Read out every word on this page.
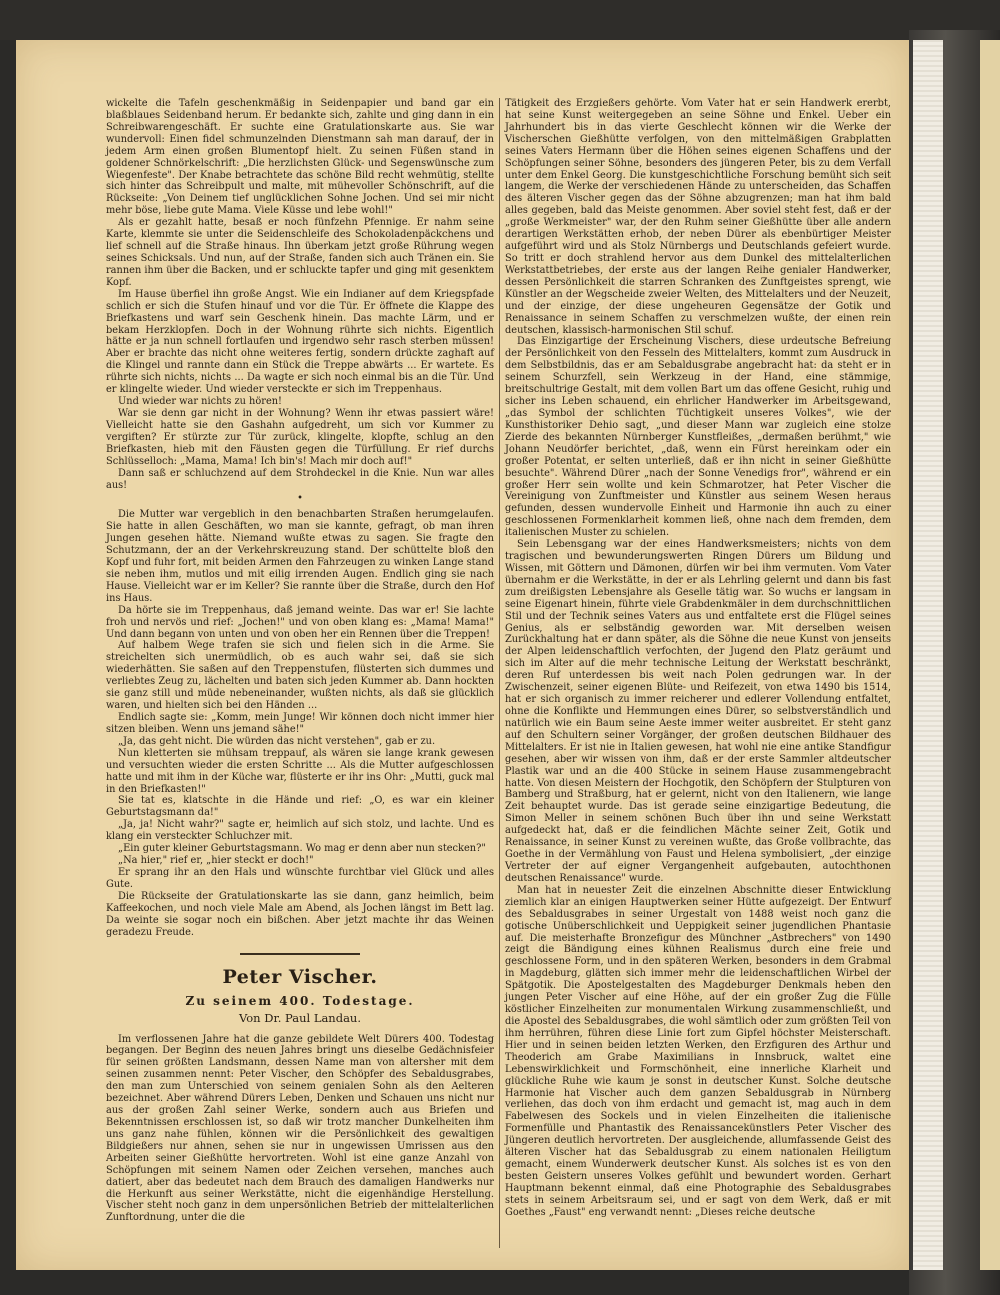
wickelte die Tafeln geschenkmäßig in Seidenpapier und band gar ein blaßblaues Seidenband herum. Er bedankte sich, zahlte und ging dann in ein Schreibwarengeschäft. Er suchte eine Gratulationskarte aus. Sie war wundervoll: Einen fidel schmunzelnden Dienstmann sah man darauf, der in jedem Arm einen großen Blumentopf hielt. Zu seinen Füßen stand in goldener Schnörkelschrift: „Die herzlichsten Glück- und Segenswünsche zum Wiegenfeste". Der Knabe betrachtete das schöne Bild recht wehmütig, stellte sich hinter das Schreibpult und malte, mit mühevoller Schönschrift, auf die Rückseite: „Von Deinem tief unglücklichen Sohne Jochen. Und sei mir nicht mehr böse, liebe gute Mama. Viele Küsse und lebe wohl!"

Als er gezahlt hatte, besaß er noch fünfzehn Pfennige. Er nahm seine Karte, klemmte sie unter die Seidenschleife des Schokoladenpäckchens und lief schnell auf die Straße hinaus. Ihn überkam jetzt große Rührung wegen seines Schicksals. Und nun, auf der Straße, fanden sich auch Tränen ein. Sie rannen ihm über die Backen, und er schluckte tapfer und ging mit gesenktem Kopf.

Im Hause überfiel ihn große Angst. Wie ein Indianer auf dem Kriegspfade schlich er sich die Stufen hinauf und vor die Tür. Er öffnete die Klappe des Briefkastens und warf sein Geschenk hinein. Das machte Lärm, und er bekam Herzklopfen. Doch in der Wohnung rührte sich nichts. Eigentlich hätte er ja nun schnell fortlaufen und irgendwo sehr rasch sterben müssen! Aber er brachte das nicht ohne weiteres fertig, sondern drückte zaghaft auf die Klingel und rannte dann ein Stück die Treppe abwärts ... Er wartete. Es rührte sich nichts, nichts ... Da wagte er sich noch einmal bis an die Tür. Und er klingelte wieder. Und wieder versteckte er sich im Treppenhaus.

Und wieder war nichts zu hören!

War sie denn gar nicht in der Wohnung? Wenn ihr etwas passiert wäre! Vielleicht hatte sie den Gashahn aufgedreht, um sich vor Kummer zu vergiften? Er stürzte zur Tür zurück, klingelte, klopfte, schlug an den Briefkasten, hieb mit den Fäusten gegen die Türfüllung. Er rief durchs Schlüsselloch: „Mama, Mama! Ich bin's! Mach mir doch auf!"

Dann saß er schluchzend auf dem Strohdeckel in die Knie. Nun war alles aus!

•

Die Mutter war vergeblich in den benachbarten Straßen herumgelaufen. Sie hatte in allen Geschäften, wo man sie kannte, gefragt, ob man ihren Jungen gesehen hätte. Niemand wußte etwas zu sagen. Sie fragte den Schutzmann, der an der Verkehrskreuzung stand. Der schüttelte bloß den Kopf und fuhr fort, mit beiden Armen den Fahrzeugen zu winken Lange stand sie neben ihm, mutlos und mit eilig irrenden Augen. Endlich ging sie nach Hause. Vielleicht war er im Keller? Sie rannte über die Straße, durch den Hof ins Haus.

Da hörte sie im Treppenhaus, daß jemand weinte. Das war er! Sie lachte froh und nervös und rief: „Jochen!" und von oben klang es: „Mama! Mama!" Und dann begann von unten und von oben her ein Rennen über die Treppen!

Auf halbem Wege trafen sie sich und fielen sich in die Arme. Sie streichelten sich unermüdlich, ob es auch wahr sei, daß sie sich wiederhätten. Sie saßen auf den Treppenstufen, flüsterten sich dummes und verliebtes Zeug zu, lächelten und baten sich jeden Kummer ab. Dann hockten sie ganz still und müde nebeneinander, wußten nichts, als daß sie glücklich waren, und hielten sich bei den Händen ...

Endlich sagte sie: „Komm, mein Junge! Wir können doch nicht immer hier sitzen bleiben. Wenn uns jemand sähe!"

„Ja, das geht nicht. Die würden das nicht verstehen", gab er zu.

Nun kletterten sie mühsam treppauf, als wären sie lange krank gewesen und versuchten wieder die ersten Schritte ... Als die Mutter aufgeschlossen hatte und mit ihm in der Küche war, flüsterte er ihr ins Ohr: „Mutti, guck mal in den Briefkasten!"

Sie tat es, klatschte in die Hände und rief: „O, es war ein kleiner Geburtstagsmann da!"

„Ja, ja! Nicht wahr?" sagte er, heimlich auf sich stolz, und lachte. Und es klang ein versteckter Schluchzer mit.

„Ein guter kleiner Geburtstagsmann. Wo mag er denn aber nun stecken?"

„Na hier," rief er, „hier steckt er doch!"

Er sprang ihr an den Hals und wünschte furchtbar viel Glück und alles Gute.

Die Rückseite der Gratulationskarte las sie dann, ganz heimlich, beim Kaffeekochen, und noch viele Male am Abend, als Jochen längst im Bett lag. Da weinte sie sogar noch ein bißchen. Aber jetzt machte ihr das Weinen geradezu Freude.

Peter Vischer.
Zu seinem 400. Todestage.
Von Dr. Paul Landau.

Im verflossenen Jahre hat die ganze gebildete Welt Dürers 400. Todestag begangen. Der Beginn des neuen Jahres bringt uns dieselbe Gedächnisfeier für seinen größten Landsmann, dessen Name man von altersher mit dem seinen zusammen nennt: Peter Vischer, den Schöpfer des Sebaldusgrabes, den man zum Unterschied von seinem genialen Sohn als den Aelteren bezeichnet. Aber während Dürers Leben, Denken und Schauen uns nicht nur aus der großen Zahl seiner Werke, sondern auch aus Briefen und Bekenntnissen erschlossen ist, so daß wir trotz mancher Dunkelheiten ihm uns ganz nahe fühlen, können wir die Persönlichkeit des gewaltigen Bildgießers nur ahnen, sehen sie nur in ungewissen Umrissen aus den Arbeiten seiner Gießhütte hervortreten. Wohl ist eine ganze Anzahl von Schöpfungen mit seinem Namen oder Zeichen versehen, manches auch datiert, aber das bedeutet nach dem Brauch des damaligen Handwerks nur die Herkunft aus seiner Werkstätte, nicht die eigenhändige Herstellung. Vischer steht noch ganz in dem unpersönlichen Betrieb der mittelalterlichen Zunftordnung, unter die die

Tätigkeit des Erzgießers gehörte. Vom Vater hat er sein Handwerk ererbt, hat seine Kunst weitergegeben an seine Söhne und Enkel. Ueber ein Jahrhundert bis in das vierte Geschlecht können wir die Werke der Vischerschen Gießhütte verfolgen, von den mittelmäßigen Grabplatten seines Vaters Hermann über die Höhen seines eigenen Schaffens und der Schöpfungen seiner Söhne, besonders des jüngeren Peter, bis zu dem Verfall unter dem Enkel Georg. Die kunstgeschichtliche Forschung bemüht sich seit langem, die Werke der verschiedenen Hände zu unterscheiden, das Schaffen des älteren Vischer gegen das der Söhne abzugrenzen; man hat ihm bald alles gegeben, bald das Meiste genommen. Aber soviel steht fest, daß er der „große Werkmeister" war, der den Ruhm seiner Gießhütte über alle andern derartigen Werkstätten erhob, der neben Dürer als ebenbürtiger Meister aufgeführt wird und als Stolz Nürnbergs und Deutschlands gefeiert wurde. So tritt er doch strahlend hervor aus dem Dunkel des mittelalterlichen Werkstattbetriebes, der erste aus der langen Reihe genialer Handwerker, dessen Persönlichkeit die starren Schranken des Zunftgeistes sprengt, wie Künstler an der Wegscheide zweier Welten, des Mittelalters und der Neuzeit, und der einzige, der diese ungeheuren Gegensätze der Gotik und Renaissance in seinem Schaffen zu verschmelzen wußte, der einen rein deutschen, klassisch-harmonischen Stil schuf.

Das Einzigartige der Erscheinung Vischers, diese urdeutsche Befreiung der Persönlichkeit von den Fesseln des Mittelalters, kommt zum Ausdruck in dem Selbstbildnis, das er am Sebaldusgrabe angebracht hat: da steht er in seinem Schurzfell, sein Werkzeug in der Hand, eine stämmige, breitschultrige Gestalt, mit dem vollen Bart um das offene Gesicht, ruhig und sicher ins Leben schauend, ein ehrlicher Handwerker im Arbeitsgewand, „das Symbol der schlichten Tüchtigkeit unseres Volkes", wie der Kunsthistoriker Dehio sagt, „und dieser Mann war zugleich eine stolze Zierde des bekannten Nürnberger Kunstfleißes, „dermaßen berühmt," wie Johann Neudörfer berichtet, „daß, wenn ein Fürst hereinkam oder ein großer Potentat, er selten unterließ, daß er ihn nicht in seiner Gießhütte besuchte". Während Dürer „nach der Sonne Venedigs fror", während er ein großer Herr sein wollte und kein Schmarotzer, hat Peter Vischer die Vereinigung von Zunftmeister und Künstler aus seinem Wesen heraus gefunden, dessen wundervolle Einheit und Harmonie ihn auch zu einer geschlossenen Formenklarheit kommen ließ, ohne nach dem fremden, dem italienischen Muster zu schielen.

Sein Lebensgang war der eines Handwerksmeisters; nichts von dem tragischen und bewunderungswerten Ringen Dürers um Bildung und Wissen, mit Göttern und Dämonen, dürfen wir bei ihm vermuten. Vom Vater übernahm er die Werkstätte, in der er als Lehrling gelernt und dann bis fast zum dreißigsten Lebensjahre als Geselle tätig war. So wuchs er langsam in seine Eigenart hinein, führte viele Grabdenkmäler in dem durchschnittlichen Stil und der Technik seines Vaters aus und entfaltete erst die Flügel seines Genius, als er selbständig geworden war. Mit derselben weisen Zurückhaltung hat er dann später, als die Söhne die neue Kunst von jenseits der Alpen leidenschaftlich verfochten, der Jugend den Platz geräumt und sich im Alter auf die mehr technische Leitung der Werkstatt beschränkt, deren Ruf unterdessen bis weit nach Polen gedrungen war. In der Zwischenzeit, seiner eigenen Blüte- und Reifezeit, von etwa 1490 bis 1514, hat er sich organisch zu immer reicherer und edlerer Vollendung entfaltet, ohne die Konflikte und Hemmungen eines Dürer, so selbstverständlich und natürlich wie ein Baum seine Aeste immer weiter ausbreitet. Er steht ganz auf den Schultern seiner Vorgänger, der großen deutschen Bildhauer des Mittelalters. Er ist nie in Italien gewesen, hat wohl nie eine antike Standfigur gesehen, aber wir wissen von ihm, daß er der erste Sammler altdeutscher Plastik war und an die 400 Stücke in seinem Hause zusammengebracht hatte. Von diesen Meistern der Hochgotik, den Schöpfern der Stulpturen von Bamberg und Straßburg, hat er gelernt, nicht von den Italienern, wie lange Zeit behauptet wurde. Das ist gerade seine einzigartige Bedeutung, die Simon Meller in seinem schönen Buch über ihn und seine Werkstatt aufgedeckt hat, daß er die feindlichen Mächte seiner Zeit, Gotik und Renaissance, in seiner Kunst zu vereinen wußte, das Große vollbrachte, das Goethe in der Vermählung von Faust und Helena symbolisiert, „der einzige Vertreter der auf eigner Vergangenheit aufgebauten, autochthonen deutschen Renaissance" wurde.

Man hat in neuester Zeit die einzelnen Abschnitte dieser Entwicklung ziemlich klar an einigen Hauptwerken seiner Hütte aufgezeigt. Der Entwurf des Sebaldusgrabes in seiner Urgestalt von 1488 weist noch ganz die gotische Unüberschlichkeit und Ueppigkeit seiner jugendlichen Phantasie auf. Die meisterhafte Bronzefigur des Münchner „Astbrechers" von 1490 zeigt die Bändigung eines kühnen Realismus durch eine freie und geschlossene Form, und in den späteren Werken, besonders in dem Grabmal in Magdeburg, glätten sich immer mehr die leidenschaftlichen Wirbel der Spätgotik. Die Apostelgestalten des Magdeburger Denkmals heben den jungen Peter Vischer auf eine Höhe, auf der ein großer Zug die Fülle köstlicher Einzelheiten zur monumentalen Wirkung zusammenschließt, und die Apostel des Sebaldusgrabes, die wohl sämtlich oder zum größten Teil von ihm herrühren, führen diese Linie fort zum Gipfel höchster Meisterschaft. Hier und in seinen beiden letzten Werken, den Erzfiguren des Arthur und Theoderich am Grabe Maximilians in Innsbruck, waltet eine Lebenswirklichkeit und Formschönheit, eine innerliche Klarheit und glückliche Ruhe wie kaum je sonst in deutscher Kunst. Solche deutsche Harmonie hat Vischer auch dem ganzen Sebaldusgrab in Nürnberg verliehen, das doch von ihm erdacht und gemacht ist, mag auch in dem Fabelwesen des Sockels und in vielen Einzelheiten die italienische Formenfülle und Phantastik des Renaissancekünstlers Peter Vischer des Jüngeren deutlich hervortreten. Der ausgleichende, allumfassende Geist des älteren Vischer hat das Sebaldusgrab zu einem nationalen Heiligtum gemacht, einem Wunderwerk deutscher Kunst. Als solches ist es von den besten Geistern unseres Volkes gefühlt und bewundert worden. Gerhart Hauptmann bekennt einmal, daß eine Photographie des Sebaldusgrabes stets in seinem Arbeitsraum sei, und er sagt von dem Werk, daß er mit Goethes „Faust" eng verwandt nennt: „Dieses reiche deutsche
